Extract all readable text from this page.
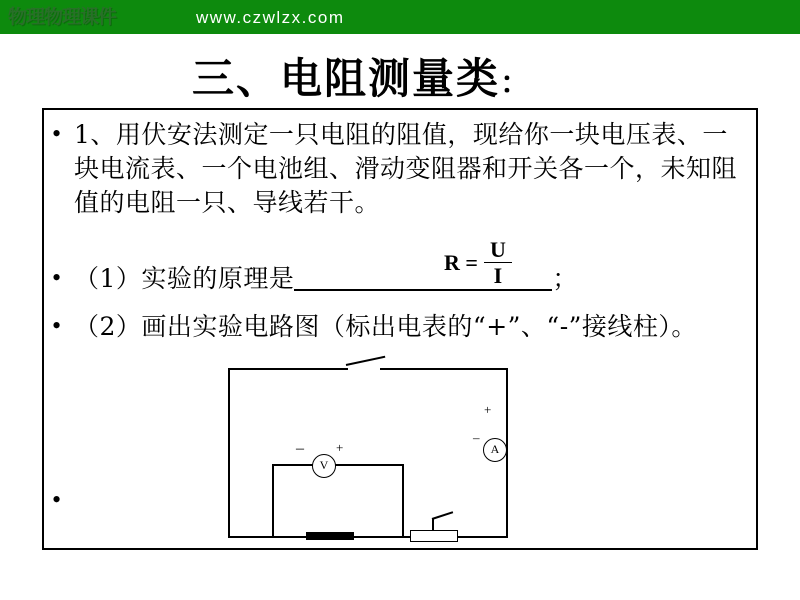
物理物理课件	www.czwlzx.com
三、电阻测量类：
• 1、用伏安法测定一只电阻的阻值，现给你一块电压表、一块电流表、一个电池组、滑动变阻器和开关各一个，未知阻值的电阻一只、导线若干。
$R = \frac{U}{I}$
• （1）实验的原理是	；
• （2）画出实验电路图（标出电表的“+”、“-”接线柱）。
•
A
+
–
V
– +
